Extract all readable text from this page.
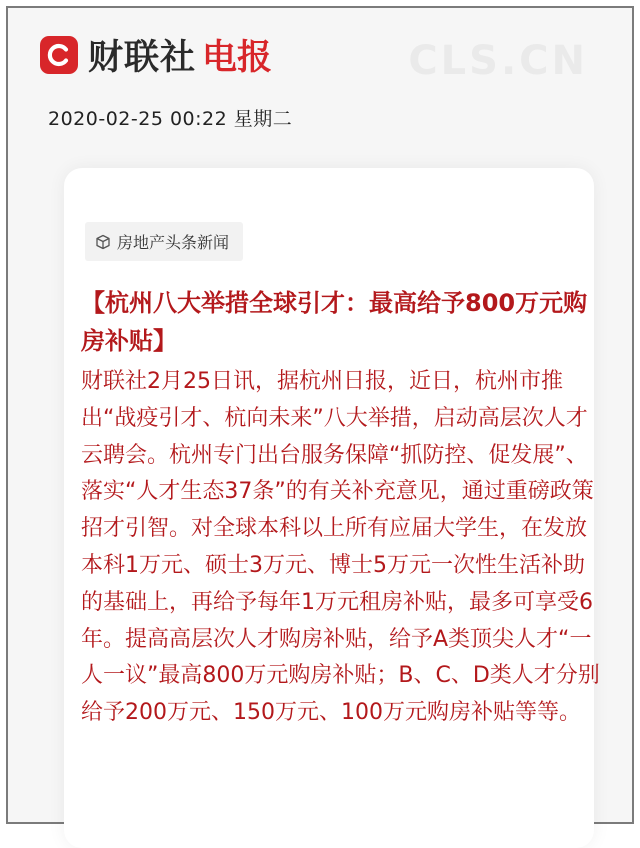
财联社 电报	CLS.CN
2020-02-25 00:22 星期二
房地产头条新闻

【杭州八大举措全球引才：最高给予800万元购房补贴】

财联社2月25日讯，据杭州日报，近日，杭州市推出“战疫引才、杭向未来”八大举措，启动高层次人才云聘会。杭州专门出台服务保障“抓防控、促发展”、落实“人才生态37条”的有关补充意见，通过重磅政策招才引智。对全球本科以上所有应届大学生，在发放本科1万元、硕士3万元、博士5万元一次性生活补助的基础上，再给予每年1万元租房补贴，最多可享受6年。提高高层次人才购房补贴，给予A类顶尖人才“一人一议”最高800万元购房补贴；B、C、D类人才分别给予200万元、150万元、100万元购房补贴等等。
